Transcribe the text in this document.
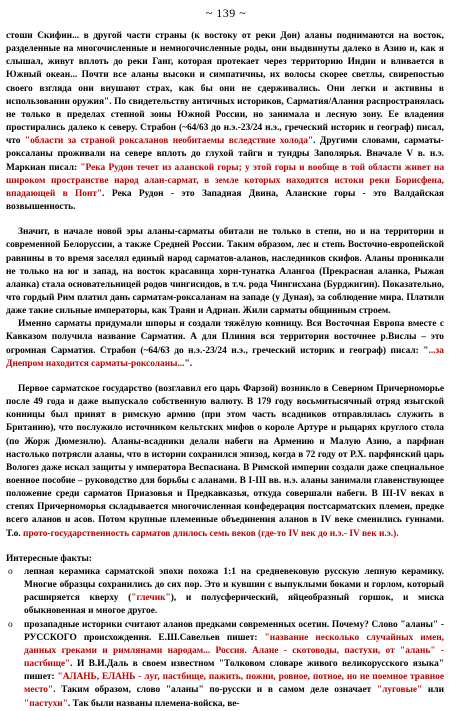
~ 139 ~

стоши Скифии... в другой части страны (к востоку от реки Дон) аланы поднимаются на восток, разделенные на многочисленные и немногочисленные роды, они выдвинуты далеко в Азию и, как я слышал, живут вплоть до реки Ганг, которая протекает через территорию Индии и вливается в Южный океан... Почти все аланы высоки и симпатичны, их волосы скорее светлы, свирепостью своего взгляда они внушают страх, как бы они не сдерживались. Они легки и активны в использовании оружия". По свидетельству античных историков, Сарматия/Алания распространялась не только в пределах степной зоны Южной России, но занимала и лесную зону. Ее владения простирались далеко к северу. Страбон (~64/63 до н.э.-23/24 н.э., греческий историк и географ) писал, что "области за страной роксаланов необитаемы вследствие холода". Другими словами, сарматы-роксаланы проживали на севере вплоть до глухой тайги и тундры Заполярья. Вначале V в. н.э. Маркиан писал: "Река Рудон течет из аланской горы; у этой горы и вообще в той области живет на широком пространстве народ алан-сармат, в земле которых находятся истоки реки Борисфена, впадающей в Понт". Река Рудон - это Западная Двина, Аланские горы - это Валдайская возвышенность.

Значит, в начале новой эры аланы-сарматы обитали не только в степи, но и на территории и современной Белоруссии, а также Средней России. Таким образом, лес и степь Восточно-европейской равнины в то время заселял единый народ сарматов-аланов, наследников скифов. Аланы проникали не только на юг и запад, на восток красавица хорн-тунатка Алангоа (Прекрасная аланка, Рыжая аланка) стала основательницей родов чингисидов, в т.ч. рода Чингисхана (Бурджигин). Показательно, что гордый Рим платил дань сарматам-роксаланам на западе (у Дуная), за соблюдение мира. Платили даже такие сильные императоры, как Траян и Адриан. Жили сарматы общинным строем.

Именно сарматы придумали шпоры и создали тяжёлую конницу. Вся Восточная Европа вместе с Кавказом получила название Сарматия. А для Плиния вся территория восточнее р.Вислы – это огромная Сарматия. Страбон (~64/63 до н.э.-23/24 н.э., греческий историк и географ) писал: "...за Днепром находится сарматы-роксоланы...".

Первое сарматское государство (возглавил его царь Фарзой) возникло в Северном Причерноморье после 49 года и даже выпускало собственную валюту. В 179 году восьмитысячный отряд языгской конницы был принят в римскую армию (при этом часть всадников отправлялась служить в Британию), что послужило источником кельтских мифов о короле Артуре и рыцарях круглого стола (по Жорж Дюмезилю). Аланы-всадники делали набеги на Армению и Малую Азию, а парфиан настолько потрясли аланы, что в истории сохранился эпизод, когда в 72 году от Р.Х. парфянский царь Вологез даже искал защиты у императора Веспасиана. В Римской империи создали даже специальное военное пособие – руководство для борьбы с аланами. В I-III вв. н.э. аланы занимали главенствующее положение среди сарматов Приазовья и Предкавказья, откуда совершали набеги. В III-IV веках в степях Причерноморья складывается многочисленная конфедерация постсарматских племен, предке всего аланов и асов. Потом крупные племенные объединения аланов в IV веке сменились гуннами. Т.о. прото-государственность сарматов длилось семь веков (где-то IV век до н.э.- IV век н.э.).

Интересные факты:

o лепная керамика сарматской эпохи похожа 1:1 на средневековую русскую лепную керамику. Многие образцы сохранились до сих пор. Это и кувшин с выпуклыми боками и горлом, который расширяется кверху ("глечик"), и полусферический, яйцеобразный горшок, и миска обыкновенная и многое другое.
o прозападные историки считают аланов предками современных осетин. Почему? Слово "аланы" - РУССКОГО происхождения. Е.Ш.Савельев пишет: "название несколько случайных имен, данных греками и римлянами народам... Россия. Алане - скотоводы, пастухи, от "алань" - пастбище". И В.И.Даль в своем известном "Толковом словаре живого великорусского языка" пишет: "АЛАНЬ, ЕЛАНЬ - луг, пастбище, пажить, пожни, ровное, потное, но не поемное травное место". Таким образом, слово "аланы" по-русски и в самом деле означает "луговые" или "пастухи". Так были названы племена-войска, ве-
